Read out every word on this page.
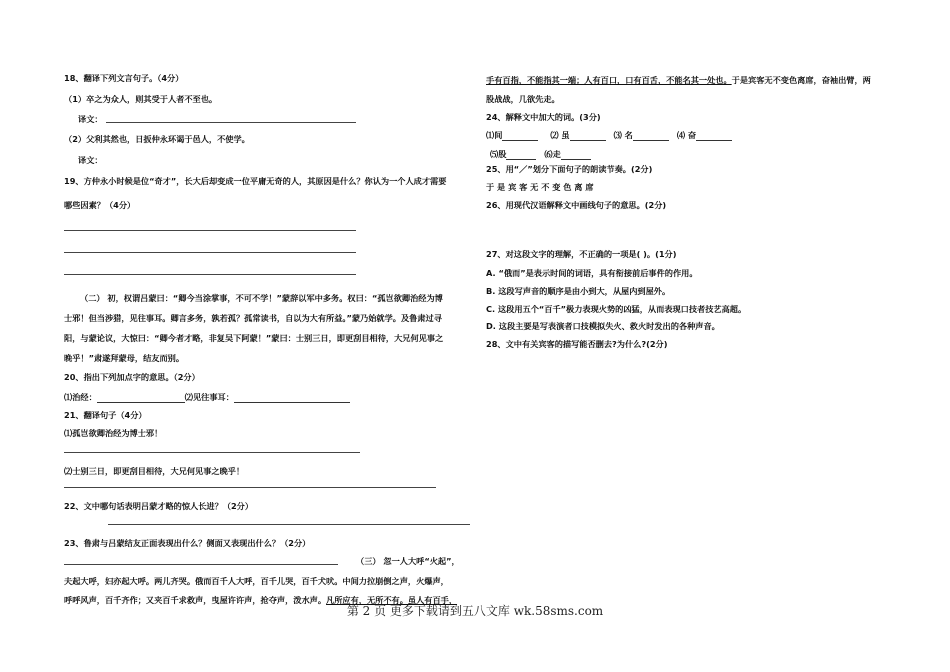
18、翻译下列文言句子。（4分）
（1）卒之为众人，则其受于人者不至也。
译文：
（2）父利其然也，日扳仲永环谒于邑人，不使学。
译文：
19、方仲永小时候是位“奇才”，长大后却变成一位平庸无奇的人，其原因是什么？你认为一个人成才需要
哪些因素？（4分）
（二） 初，权谓吕蒙曰：“卿今当涂掌事，不可不学！”蒙辞以军中多务。权曰：“孤岂欲卿治经为博
士邪！但当涉猎，见往事耳。卿言多务，孰若孤？孤常读书，自以为大有所益。”蒙乃始就学。及鲁肃过寻
阳，与蒙论议，大惊曰：“卿今者才略，非复吴下阿蒙！”蒙曰：士别三日，即更刮目相待，大兄何见事之
晚乎！”肃遂拜蒙母，结友而别。
20、指出下列加点字的意思。（2分）
⑴治经：	⑵见往事耳：
21、翻译句子（4分）
⑴孤岂欲卿治经为博士邪！
⑵士别三日，即更刮目相待，大兄何见事之晚乎！
22、文中哪句话表明吕蒙才略的惊人长进？（2分）
23、鲁肃与吕蒙结友正面表现出什么？侧面又表现出什么？（2分）
（三） 忽一人大呼“火起”，
夫起大呼，妇亦起大呼。两儿齐哭。俄而百千人大呼，百千儿哭，百千犬吠。中间力拉崩倒之声，火爆声，
呼呼风声，百千齐作；又夹百千求救声，曳屋许许声，抢夺声，泼水声。凡所应有，无所不有。虽人有百手，
手有百指，不能指其一端；人有百口，口有百舌，不能名其一处也。于是宾客无不变色离席，奋袖出臂，两
股战战，几欲先走。
24、解释文中加大的词。(3分)
⑴间	⑵ 虽	⑶ 名	⑷ 奋
⑸股	⑹走
25、用“／”划分下面句子的朗读节奏。(2分)
于 是 宾 客 无 不 变 色 离 席
26、用现代汉语解释文中画线句子的意思。(2分)
27、对这段文字的理解，不正确的一项是( )。(1分)
A. “俄而”是表示时间的词语，具有衔接前后事件的作用。
B. 这段写声音的顺序是由小到大，从屋内到屋外。
C. 这段用五个“百千”极力表现火势的凶猛，从而表现口技者技艺高超。
D. 这段主要是写表演者口技模拟失火、救火时发出的各种声音。
28、文中有关宾客的描写能否删去?为什么?(2分)
第 2 页 更多下载请到五八文库 wk.58sms.com
